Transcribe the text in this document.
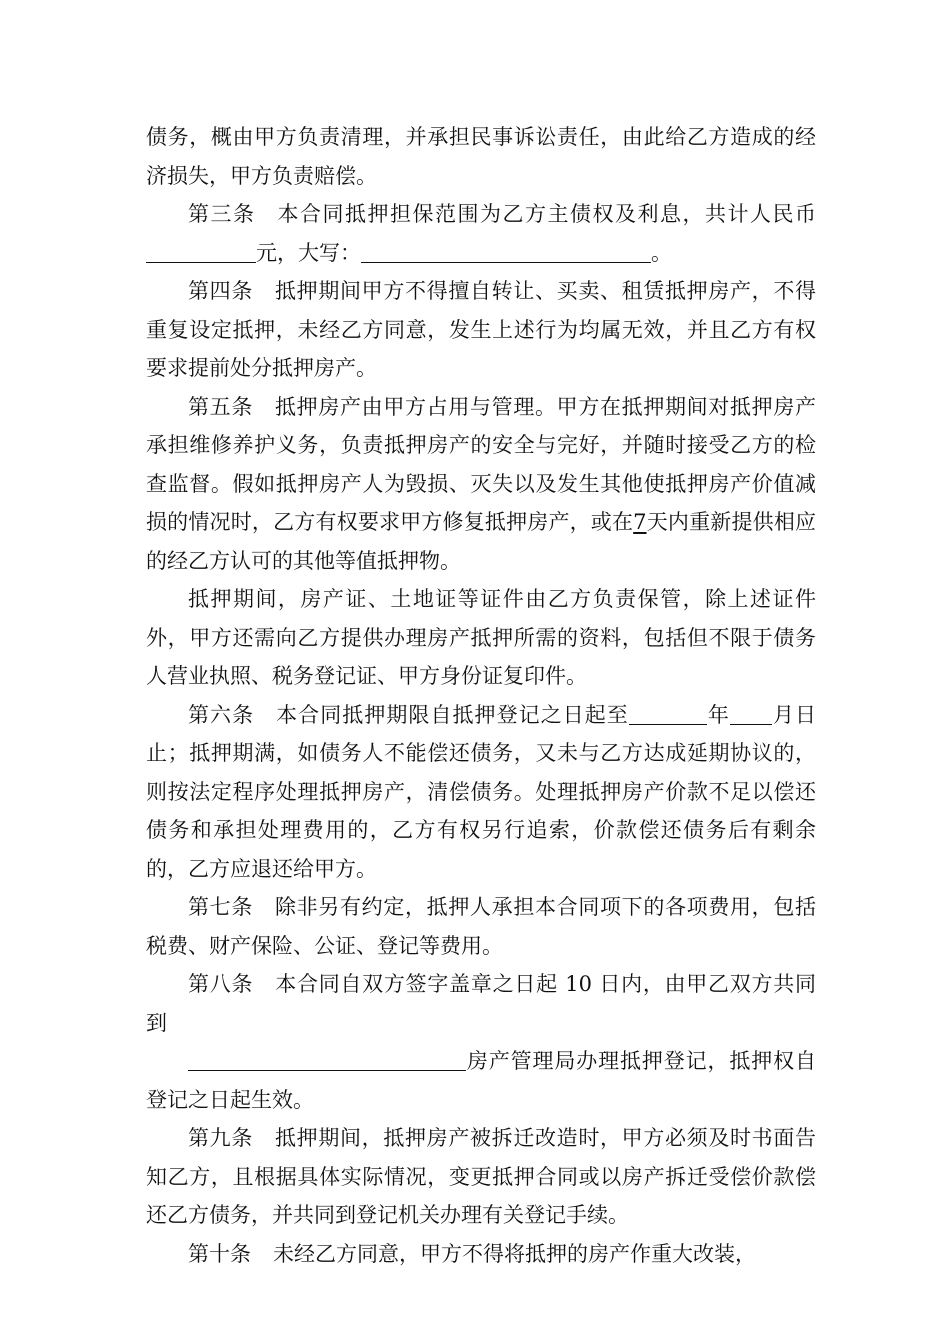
债务，概由甲方负责清理，并承担民事诉讼责任，由此给乙方造成的经济损失，甲方负责赔偿。

第三条 本合同抵押担保范围为乙方主债权及利息，共计人民币元，大写：	。

第四条 抵押期间甲方不得擅自转让、买卖、租赁抵押房产，不得重复设定抵押，未经乙方同意，发生上述行为均属无效，并且乙方有权要求提前处分抵押房产。

第五条 抵押房产由甲方占用与管理。甲方在抵押期间对抵押房产承担维修养护义务，负责抵押房产的安全与完好，并随时接受乙方的检查监督。假如抵押房产人为毁损、灭失以及发生其他使抵押房产价值减损的情况时，乙方有权要求甲方修复抵押房产，或在7天内重新提供相应的经乙方认可的其他等值抵押物。

抵押期间，房产证、土地证等证件由乙方负责保管，除上述证件外，甲方还需向乙方提供办理房产抵押所需的资料，包括但不限于债务人营业执照、税务登记证、甲方身份证复印件。

第六条 本合同抵押期限自抵押登记之日起至	年 月日止；抵押期满，如债务人不能偿还债务，又未与乙方达成延期协议的，则按法定程序处理抵押房产，清偿债务。处理抵押房产价款不足以偿还债务和承担处理费用的，乙方有权另行追索，价款偿还债务后有剩余的，乙方应退还给甲方。

第七条 除非另有约定，抵押人承担本合同项下的各项费用，包括税费、财产保险、公证、登记等费用。

第八条 本合同自双方签字盖章之日起 10 日内，由甲乙双方共同到

房产管理局办理抵押登记，抵押权自登记之日起生效。

第九条 抵押期间，抵押房产被拆迁改造时，甲方必须及时书面告知乙方，且根据具体实际情况，变更抵押合同或以房产拆迁受偿价款偿还乙方债务，并共同到登记机关办理有关登记手续。

第十条 未经乙方同意，甲方不得将抵押的房产作重大改装，
